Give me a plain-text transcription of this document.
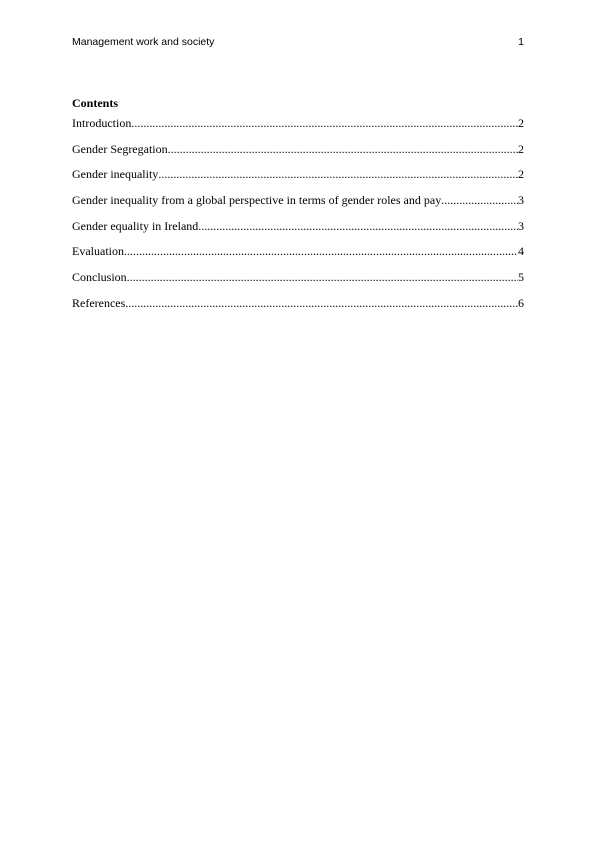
Management work and society	1
Contents
Introduction .....	2
Gender Segregation .....	2
Gender inequality .....	2
Gender inequality from a global perspective in terms of gender roles and pay .....	3
Gender equality in Ireland .....	3
Evaluation .....	4
Conclusion .....	5
References .....	6
